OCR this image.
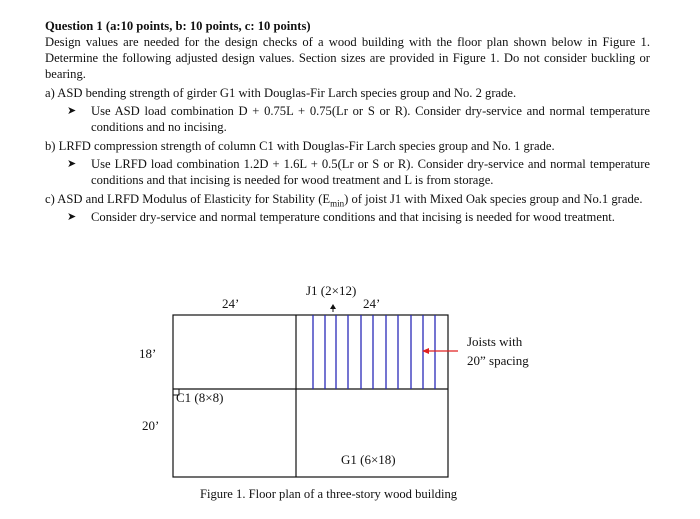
Question 1 (a:10 points, b: 10 points, c: 10 points)
Design values are needed for the design checks of a wood building with the floor plan shown below in Figure 1. Determine the following adjusted design values. Section sizes are provided in Figure 1. Do not consider buckling or bearing.
a) ASD bending strength of girder G1 with Douglas-Fir Larch species group and No. 2 grade.
➤ Use ASD load combination D + 0.75L + 0.75(Lr or S or R). Consider dry-service and normal temperature conditions and no incising.
b) LRFD compression strength of column C1 with Douglas-Fir Larch species group and No. 1 grade.
➤ Use LRFD load combination 1.2D + 1.6L + 0.5(Lr or S or R). Consider dry-service and normal temperature conditions and that incising is needed for wood treatment and L is from storage.
c) ASD and LRFD Modulus of Elasticity for Stability $(E_{min})$ of joist J1 with Mixed Oak species group and No.1 grade.
➤ Consider dry-service and normal temperature conditions and that incising is needed for wood treatment.
24’
J1 (2×12)
24’
18’
20’
C1 (8×8)
G1 (6×18)
Joists with
20” spacing
Figure 1. Floor plan of a three-story wood building
